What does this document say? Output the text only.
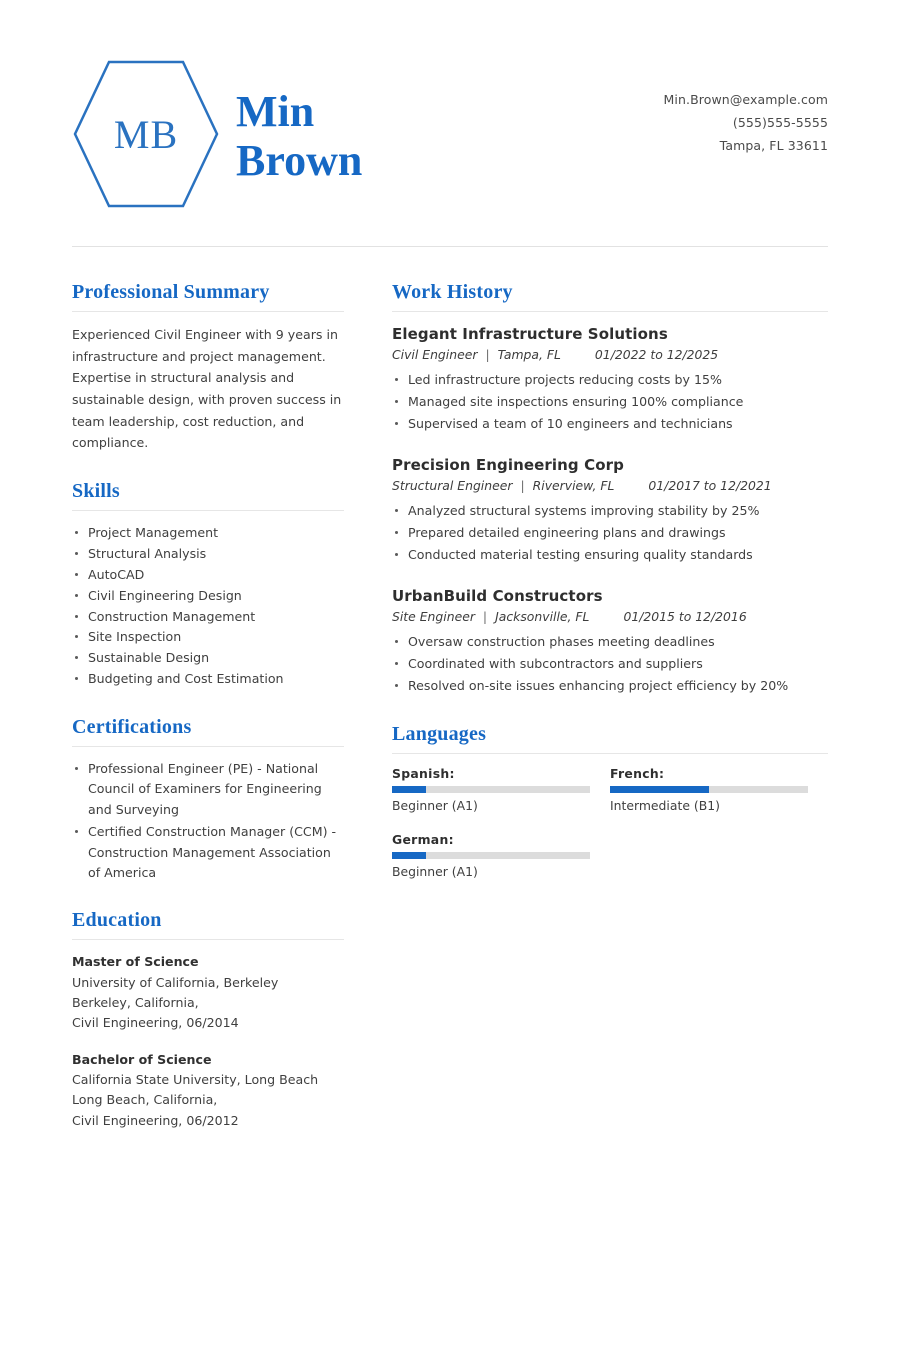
MB	Min
Brown
Min.Brown@example.com
(555)555-5555
Tampa, FL 33611
Professional Summary
Experienced Civil Engineer with 9 years in infrastructure and project management. Expertise in structural analysis and sustainable design, with proven success in team leadership, cost reduction, and compliance.
Skills
Project Management
Structural Analysis
AutoCAD
Civil Engineering Design
Construction Management
Site Inspection
Sustainable Design
Budgeting and Cost Estimation
Certifications
Professional Engineer (PE) - National Council of Examiners for Engineering and Surveying
Certified Construction Manager (CCM) - Construction Management Association of America
Education
Master of Science
University of California, Berkeley
Berkeley, California,
Civil Engineering, 06/2014
Bachelor of Science
California State University, Long Beach
Long Beach, California,
Civil Engineering, 06/2012
Work History
Elegant Infrastructure Solutions
Civil Engineer | Tampa, FL	01/2022 to 12/2025
Led infrastructure projects reducing costs by 15%
Managed site inspections ensuring 100% compliance
Supervised a team of 10 engineers and technicians
Precision Engineering Corp
Structural Engineer | Riverview, FL	01/2017 to 12/2021
Analyzed structural systems improving stability by 25%
Prepared detailed engineering plans and drawings
Conducted material testing ensuring quality standards
UrbanBuild Constructors
Site Engineer | Jacksonville, FL	01/2015 to 12/2016
Oversaw construction phases meeting deadlines
Coordinated with subcontractors and suppliers
Resolved on-site issues enhancing project efficiency by 20%
Languages
Spanish:
Beginner (A1)
French:
Intermediate (B1)
German:
Beginner (A1)
